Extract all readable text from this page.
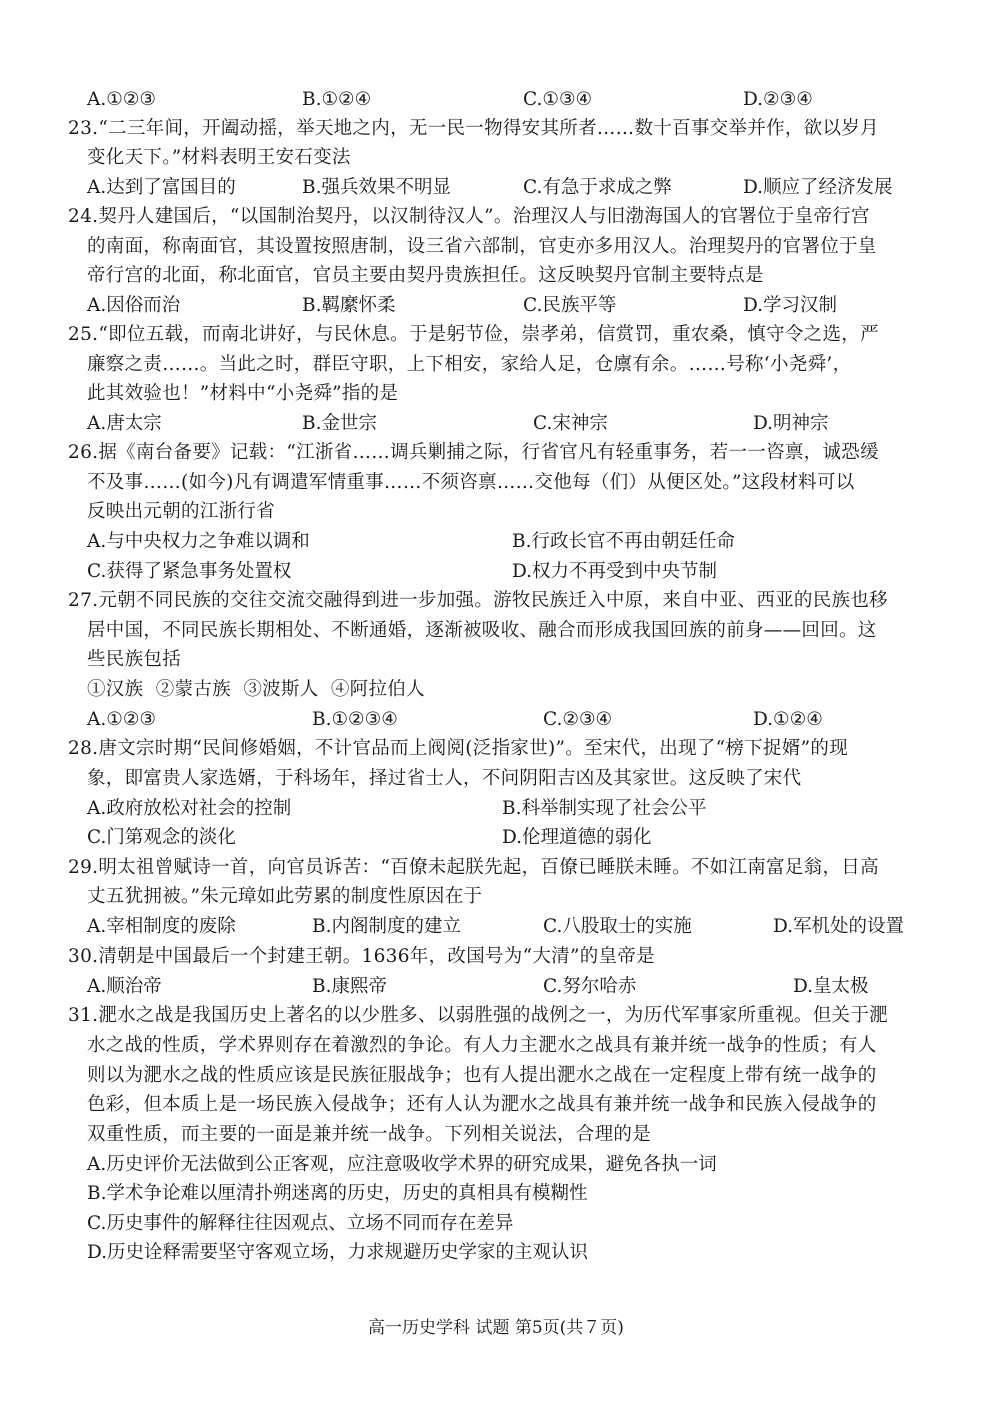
A.①②③	B.①②④	C.①③④	D.②③④
23.“二三年间，开阖动摇，举天地之内，无一民一物得安其所者……数十百事交举并作，欲以岁月
变化天下。”材料表明王安石变法
A.达到了富国目的	B.强兵效果不明显	C.有急于求成之弊	D.顺应了经济发展
24.契丹人建国后，“以国制治契丹，以汉制待汉人”。治理汉人与旧渤海国人的官署位于皇帝行宫
的南面，称南面官，其设置按照唐制，设三省六部制，官吏亦多用汉人。治理契丹的官署位于皇
帝行宫的北面，称北面官，官员主要由契丹贵族担任。这反映契丹官制主要特点是
A.因俗而治	B.羁縻怀柔	C.民族平等	D.学习汉制
25.“即位五载，而南北讲好，与民休息。于是躬节俭，崇孝弟，信赏罚，重农桑，慎守令之选，严
廉察之责……。当此之时，群臣守职，上下相安，家给人足，仓廪有余。……号称‘小尧舜’，
此其效验也！”材料中“小尧舜”指的是
A.唐太宗	B.金世宗	C.宋神宗	D.明神宗
26.据《南台备要》记载：“江浙省……调兵剿捕之际，行省官凡有轻重事务，若一一咨禀，诚恐缓
不及事……(如今)凡有调遣军情重事……不须咨禀……交他每（们）从便区处。”这段材料可以
反映出元朝的江浙行省
A.与中央权力之争难以调和	B.行政长官不再由朝廷任命
C.获得了紧急事务处置权	D.权力不再受到中央节制
27.元朝不同民族的交往交流交融得到进一步加强。游牧民族迁入中原，来自中亚、西亚的民族也移
居中国，不同民族长期相处、不断通婚，逐渐被吸收、融合而形成我国回族的前身——回回。这
些民族包括
①汉族  ②蒙古族  ③波斯人  ④阿拉伯人
A.①②③	B.①②③④	C.②③④	D.①②④
28.唐文宗时期“民间修婚姻，不计官品而上阀阅(泛指家世)”。至宋代，出现了“榜下捉婿”的现
象，即富贵人家选婿，于科场年，择过省士人，不问阴阳吉凶及其家世。这反映了宋代
A.政府放松对社会的控制	B.科举制实现了社会公平
C.门第观念的淡化	D.伦理道德的弱化
29.明太祖曾赋诗一首，向官员诉苦：“百僚未起朕先起，百僚已睡朕未睡。不如江南富足翁，日高
丈五犹拥被。”朱元璋如此劳累的制度性原因在于
A.宰相制度的废除	B.内阁制度的建立	C.八股取士的实施	D.军机处的设置
30.清朝是中国最后一个封建王朝。1636年，改国号为“大清”的皇帝是
A.顺治帝	B.康熙帝	C.努尔哈赤	D.皇太极
31.淝水之战是我国历史上著名的以少胜多、以弱胜强的战例之一，为历代军事家所重视。但关于淝
水之战的性质，学术界则存在着激烈的争论。有人力主淝水之战具有兼并统一战争的性质；有人
则以为淝水之战的性质应该是民族征服战争；也有人提出淝水之战在一定程度上带有统一战争的
色彩，但本质上是一场民族入侵战争；还有人认为淝水之战具有兼并统一战争和民族入侵战争的
双重性质，而主要的一面是兼并统一战争。下列相关说法，合理的是
A.历史评价无法做到公正客观，应注意吸收学术界的研究成果，避免各执一词
B.学术争论难以厘清扑朔迷离的历史，历史的真相具有模糊性
C.历史事件的解释往往因观点、立场不同而存在差异
D.历史诠释需要坚守客观立场，力求规避历史学家的主观认识
高一历史学科 试题 第5页(共７页)
